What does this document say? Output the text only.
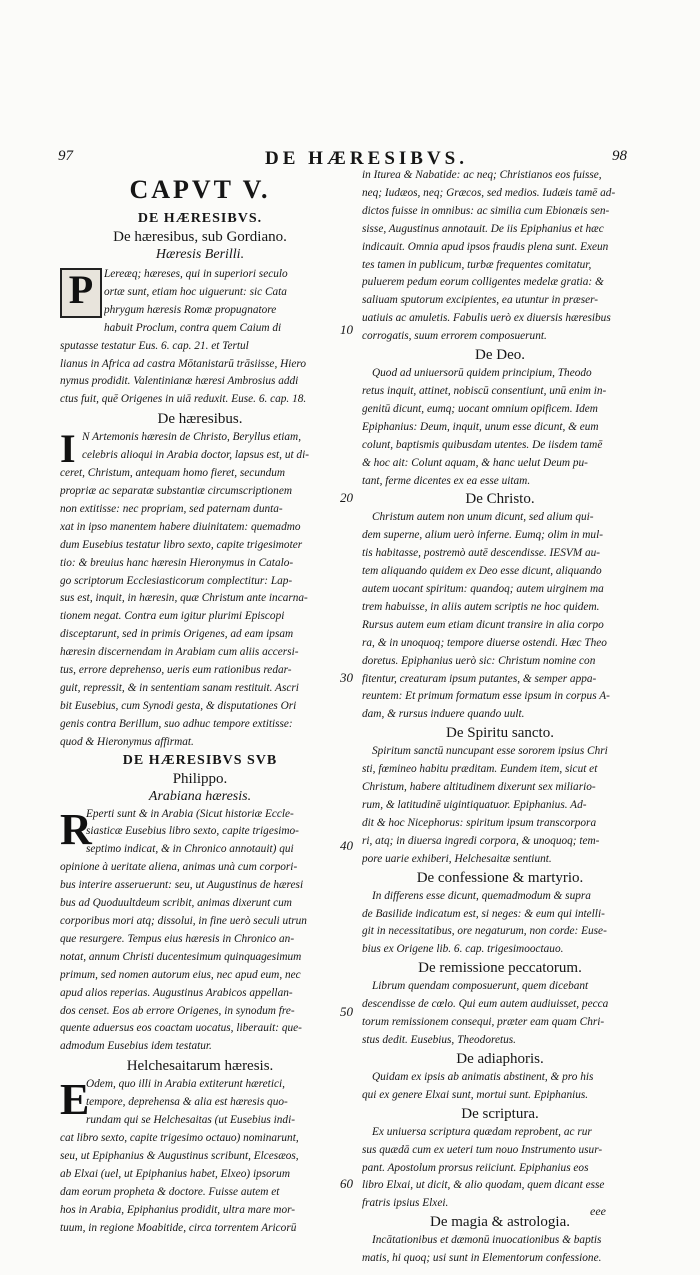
97	DE HÆRESIBVS.	98
10
20
30
40
50
60
CAPVT V.
DE HÆRESIBVS.
De hæresibus, sub Gordiano.
Hæresis Berilli.
P Lereæq; hæreses, qui in superiori seculo

ortæ sunt, etiam hoc uiguerunt: sic Cata

phrygum hæresis Romæ propugnatore

habuit Proclum, contra quem Caium di

sputasse testatur Eus. 6. cap. 21. et Tertul

lianus in Africa ad castra Mōtanistarū trāsiisse, Hiero

nymus prodidit. Valentinianæ hæresi Ambrosius addi

ctus fuit, quē Origenes in uiā reduxit. Euse. 6. cap. 18.

De hæresibus.
I N Artemonis hæresin de Christo, Beryllus etiam,

celebris alioqui in Arabia doctor, lapsus est, ut di-

ceret, Christum, antequam homo fieret, secundum

propriæ ac separatæ substantiæ circumscriptionem

non extitisse: nec propriam, sed paternam dunta-

xat in ipso manentem habere diuinitatem: quemadmo

dum Eusebius testatur libro sexto, capite trigesimoter

tio: & breuius hanc hæresin Hieronymus in Catalo-

go scriptorum Ecclesiasticorum complectitur: Lap-

sus est, inquit, in hæresin, quæ Christum ante incarna-

tionem negat. Contra eum igitur plurimi Episcopi

disceptarunt, sed in primis Origenes, ad eam ipsam

hæresin discernendam in Arabiam cum aliis accersi-

tus, errore deprehenso, ueris eum rationibus redar-

guit, repressit, & in sententiam sanam restituit. Ascri

bit Eusebius, cum Synodi gesta, & disputationes Ori

genis contra Berillum, suo adhuc tempore extitisse:

quod & Hieronymus affirmat.

DE HÆRESIBVS SVB
Philippo.
Arabiana hæresis.
R

Eperti sunt & in Arabia (Sicut historiæ Eccle-

siasticæ Eusebius libro sexto, capite trigesimo-

septimo indicat, & in Chronico annotauit) qui

opinione à ueritate aliena, animas unà cum corpori-

bus interire asseruerunt: seu, ut Augustinus de hæresi

bus ad Quoduultdeum scribit, animas dixerunt cum

corporibus mori atq; dissolui, in fine uerò seculi utrun

que resurgere. Tempus eius hæresis in Chronico an-

notat, annum Christi ducentesimum quinquagesimum

primum, sed nomen autorum eius, nec apud eum, nec

apud alios reperias. Augustinus Arabicos appellan-

dos censet. Eos ab errore Origenes, in synodum fre-

quente aduersus eos coactam uocatus, liberauit: que-

admodum Eusebius idem testatur.

Helchesaitarum hæresis.
E

Odem, quo illi in Arabia extiterunt hæretici,

tempore, deprehensa & alia est hæresis quo-

rundam qui se Helchesaitas (ut Eusebius indi-

cat libro sexto, capite trigesimo octauo) nominarunt,

seu, ut Epiphanius & Augustinus scribunt, Elcesæos,

ab Elxai (uel, ut Epiphanius habet, Elxeo) ipsorum

dam eorum propheta & doctore. Fuisse autem et

hos in Arabia, Epiphanius prodidit, ultra mare mor-

tuum, in regione Moabitide, circa torrentem Aricorū

in Iturea & Nabatide: ac neq; Christianos eos fuisse,

neq; Iudæos, neq; Græcos, sed medios. Iudæis tamē ad-

dictos fuisse in omnibus: ac similia cum Ebionæis sen-

sisse, Augustinus annotauit. De iis Epiphanius et hæc

indicauit. Omnia apud ipsos fraudis plena sunt. Exeun

tes tamen in publicum, turbæ frequentes comitatur,

puluerem pedum eorum colligentes medelæ gratia: &

saliuam sputorum excipientes, ea utuntur in præser-

uatiuis ac amuletis. Fabulis uerò ex diuersis hæresibus

corrogatis, suum errorem composuerunt.

De Deo.

Quod ad uniuersorū quidem principium, Theodo

retus inquit, attinet, nobiscū consentiunt, unū enim in-

genitū dicunt, eumq; uocant omnium opificem. Idem

Epiphanius: Deum, inquit, unum esse dicunt, & eum

colunt, baptismis quibusdam utentes. De iisdem tamē

& hoc ait: Colunt aquam, & hanc uelut Deum pu-

tant, ferme dicentes ex ea esse uitam.

De Christo.

Christum autem non unum dicunt, sed alium qui-

dem superne, alium uerò inferne. Eumq; olim in mul-

tis habitasse, postremò autē descendisse. IESVM au-

tem aliquando quidem ex Deo esse dicunt, aliquando

autem uocant spiritum: quandoq; autem uirginem ma

trem habuisse, in aliis autem scriptis ne hoc quidem.

Rursus autem eum etiam dicunt transire in alia corpo

ra, & in unoquoq; tempore diuerse ostendi. Hæc Theo

doretus. Epiphanius uerò sic: Christum nomine con

fitentur, creaturam ipsum putantes, & semper appa-

reuntem: Et primum formatum esse ipsum in corpus A-

dam, & rursus induere quando uult.

De Spiritu sancto.

Spiritum sanctū nuncupant esse sororem ipsius Chri

sti, fœmineo habitu præditam. Eundem item, sicut et

Christum, habere altitudinem dixerunt sex miliario-

rum, & latitudinē uigintiquatuor. Epiphanius. Ad-

dit & hoc Nicephorus: spiritum ipsum transcorpora

ri, atq; in diuersa ingredi corpora, & unoquoq; tem-

pore uarie exhiberi, Helchesaitæ sentiunt.

De confessione & martyrio.

In differens esse dicunt, quemadmodum & supra

de Basilide indicatum est, si neges: & eum qui intelli-

git in necessitatibus, ore negaturum, non corde: Euse-

bius ex Origene lib. 6. cap. trigesimooctauo.

De remissione peccatorum.

Librum quendam composuerunt, quem dicebant

descendisse de cœlo. Qui eum autem audiuisset, pecca

torum remissionem consequi, præter eam quam Chri-

stus dedit. Eusebius, Theodoretus.

De adiaphoris.

Quidam ex ipsis ab animatis abstinent, & pro his

qui ex genere Elxai sunt, mortui sunt. Epiphanius.

De scriptura.

Ex uniuersa scriptura quædam reprobent, ac rur

sus quædā cum ex ueteri tum nouo Instrumento usur-

pant. Apostolum prorsus reiiciunt. Epiphanius eos

libro Elxai, ut dicit, & alio quodam, quem dicant esse

fratris ipsius Elxei.

De magia & astrologia.

Incātationibus et dæmonū inuocationibus & baptis

matis, hi quoq; usi sunt in Elementorum confessione.

eee
